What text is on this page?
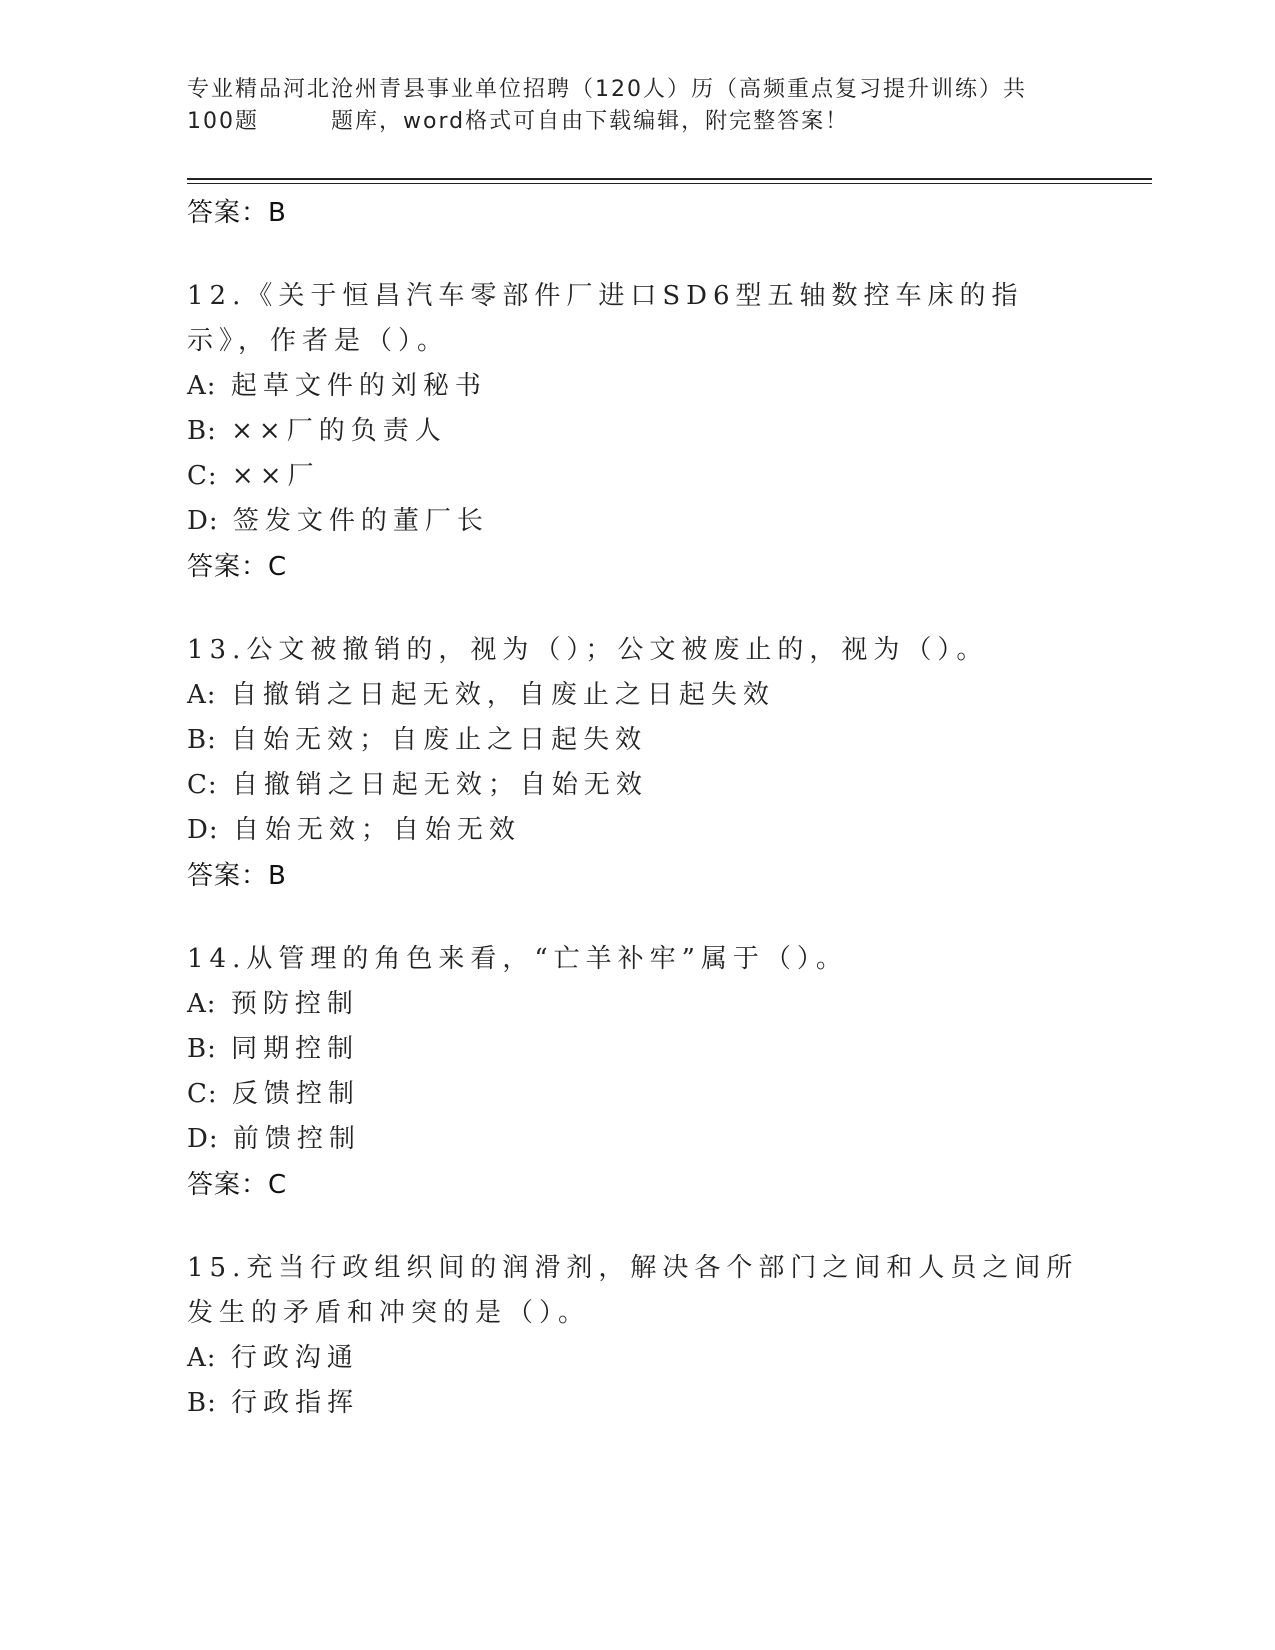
专业精品河北沧州青县事业单位招聘（120人）历（高频重点复习提升训练）共
100题	题库，word格式可自由下载编辑，附完整答案！
答案：B
12.《关于恒昌汽车零部件厂进口SD6型五轴数控车床的指示》，作者是（）。
A: 起草文件的刘秘书
B: ××厂的负责人
C: ××厂
D: 签发文件的董厂长
答案：C
13.公文被撤销的，视为（）；公文被废止的，视为（）。
A: 自撤销之日起无效，自废止之日起失效
B: 自始无效；自废止之日起失效
C: 自撤销之日起无效；自始无效
D: 自始无效；自始无效
答案：B
14.从管理的角色来看，“亡羊补牢”属于（）。
A: 预防控制
B: 同期控制
C: 反馈控制
D: 前馈控制
答案：C
15.充当行政组织间的润滑剂，解决各个部门之间和人员之间所发生的矛盾和冲突的是（）。
A: 行政沟通
B: 行政指挥
